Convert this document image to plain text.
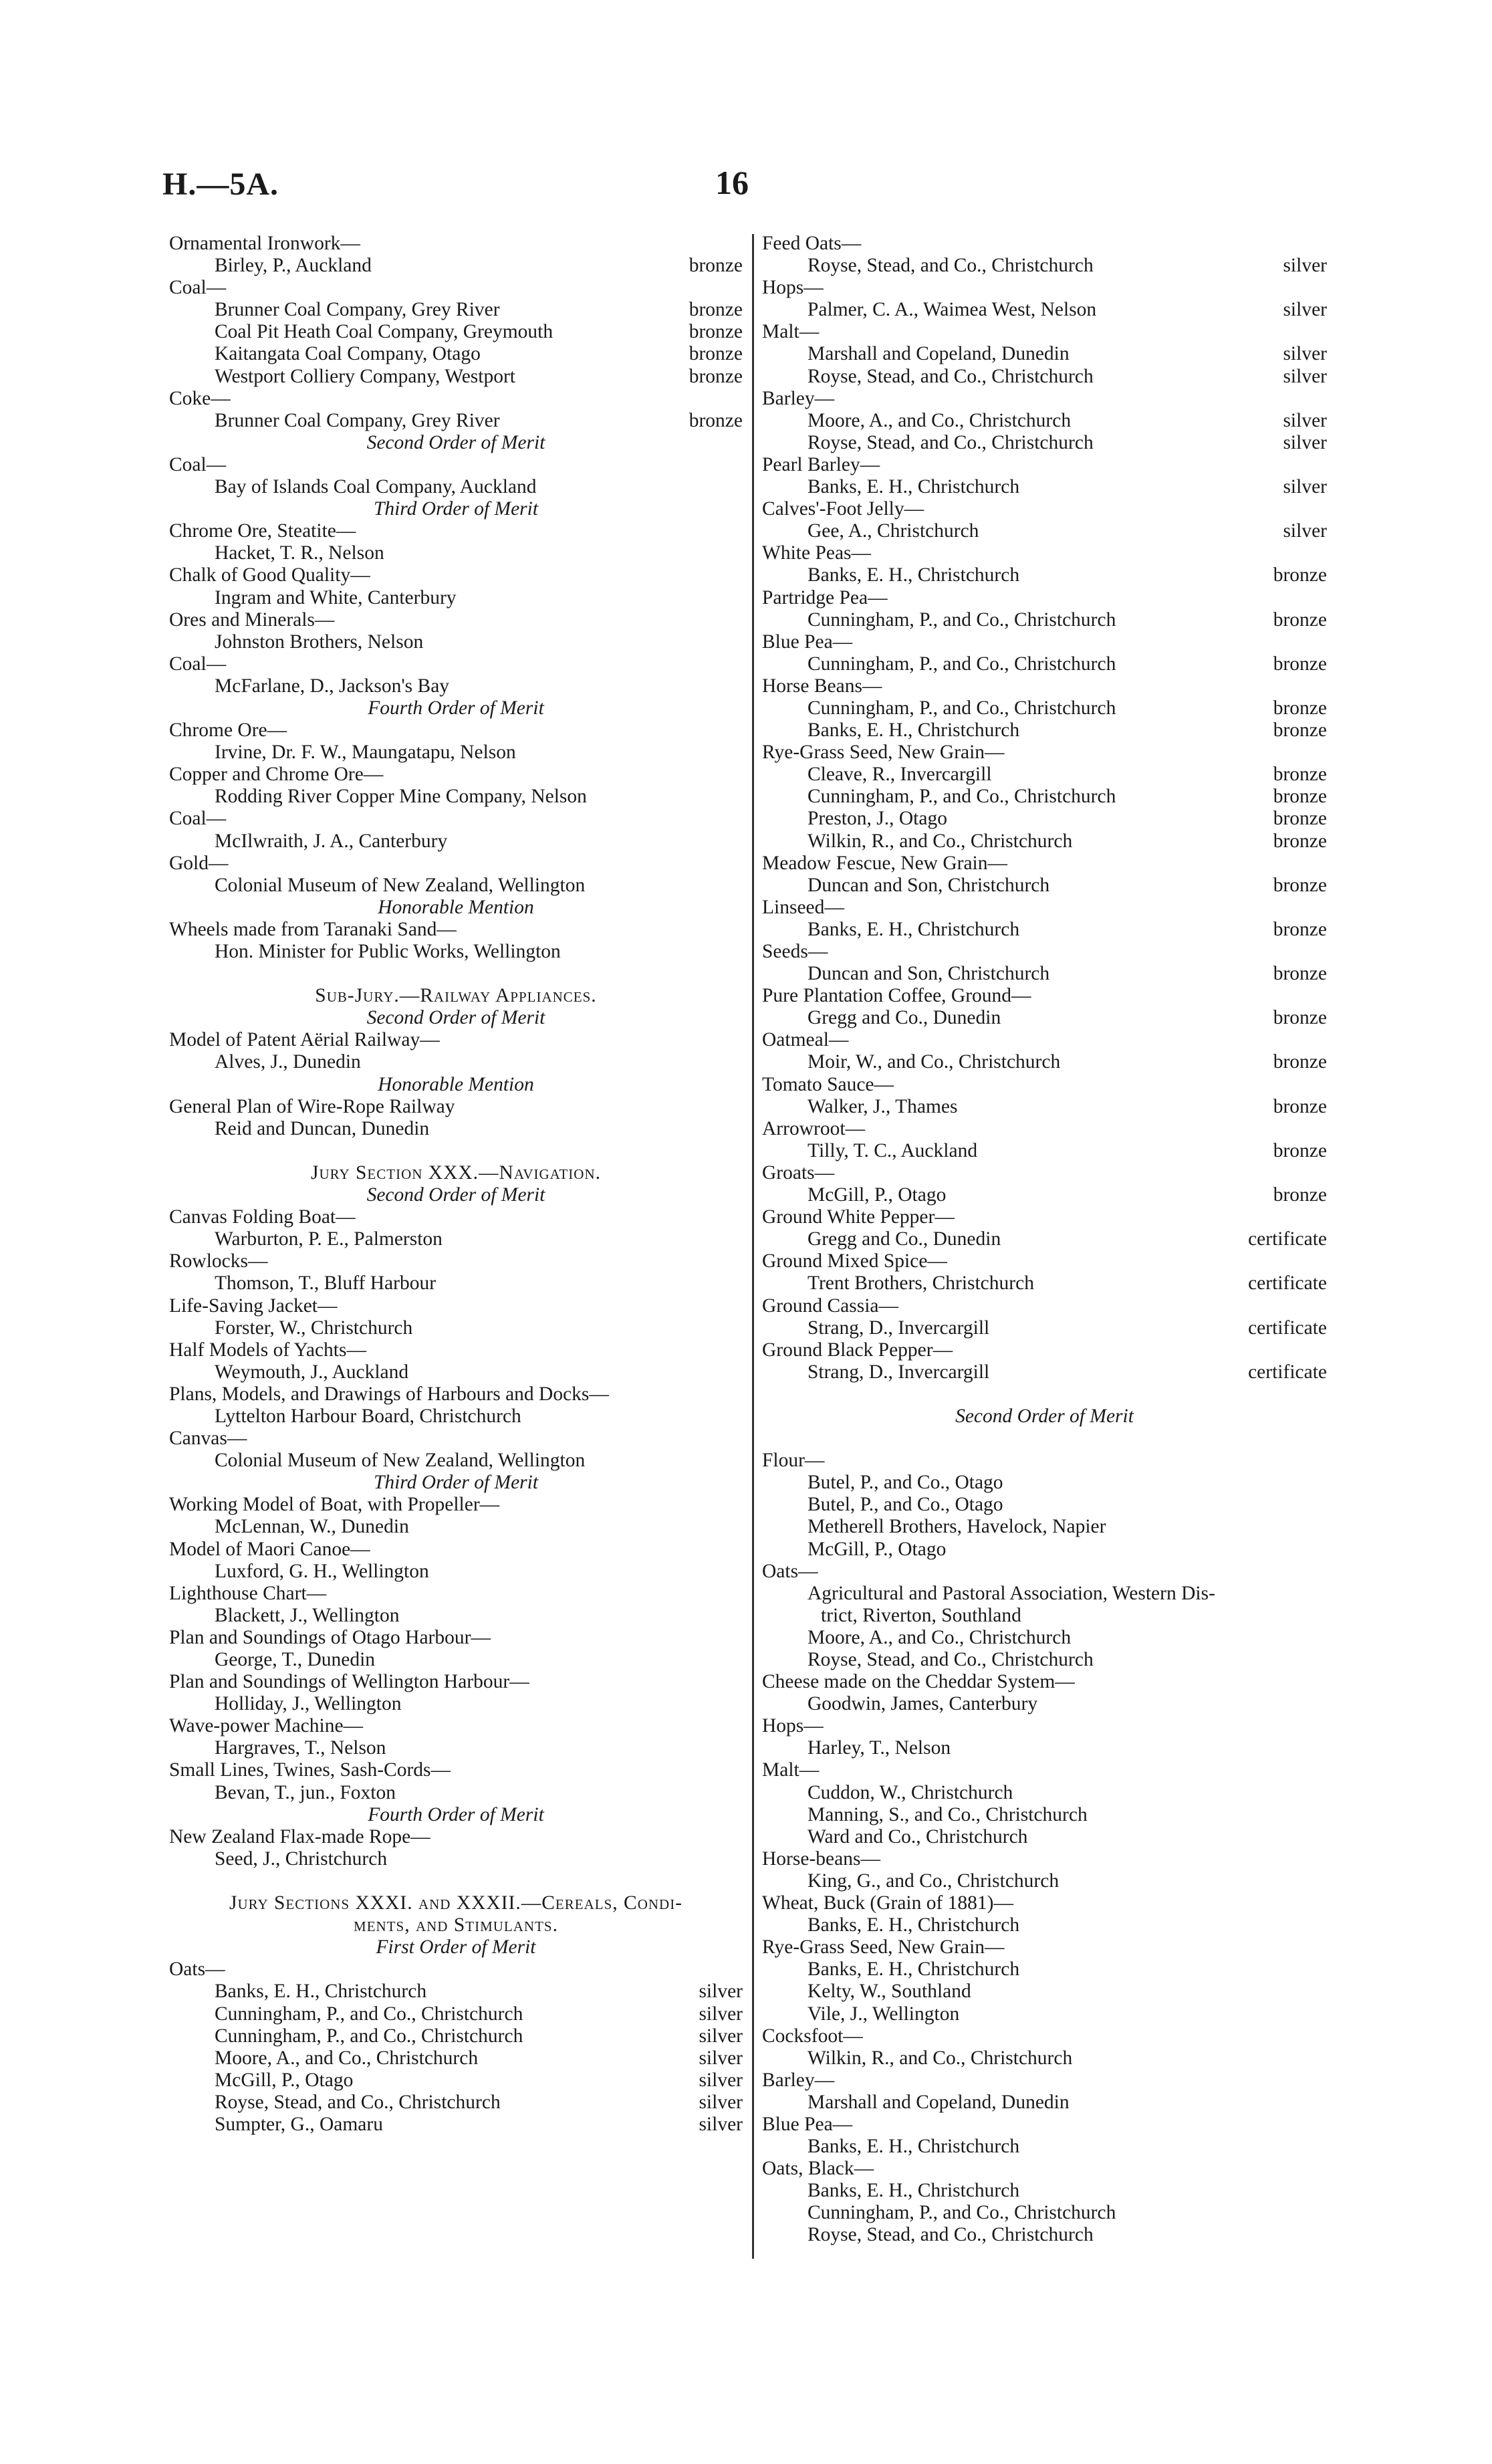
H.—5A.	16
Ornamental Ironwork—
Birley, P., Auckland	bronze
Coal—
Brunner Coal Company, Grey River	bronze
Coal Pit Heath Coal Company, Greymouth	bronze
Kaitangata Coal Company, Otago	bronze
Westport Colliery Company, Westport	bronze
Coke—
Brunner Coal Company, Grey River	bronze
Second Order of Merit
Coal—
Bay of Islands Coal Company, Auckland
Third Order of Merit
Chrome Ore, Steatite—
Hacket, T. R., Nelson
Chalk of Good Quality—
Ingram and White, Canterbury
Ores and Minerals—
Johnston Brothers, Nelson
Coal—
McFarlane, D., Jackson's Bay
Fourth Order of Merit
Chrome Ore—
Irvine, Dr. F. W., Maungatapu, Nelson
Copper and Chrome Ore—
Rodding River Copper Mine Company, Nelson
Coal—
McIlwraith, J. A., Canterbury
Gold—
Colonial Museum of New Zealand, Wellington
Honorable Mention
Wheels made from Taranaki Sand—
Hon. Minister for Public Works, Wellington
Sub-Jury.—Railway Appliances.
Second Order of Merit
Model of Patent Aërial Railway—
Alves, J., Dunedin
Honorable Mention
General Plan of Wire-Rope Railway
Reid and Duncan, Dunedin
Jury Section XXX.—Navigation.
Second Order of Merit
Canvas Folding Boat—
Warburton, P. E., Palmerston
Rowlocks—
Thomson, T., Bluff Harbour
Life-Saving Jacket—
Forster, W., Christchurch
Half Models of Yachts—
Weymouth, J., Auckland
Plans, Models, and Drawings of Harbours and Docks—
Lyttelton Harbour Board, Christchurch
Canvas—
Colonial Museum of New Zealand, Wellington
Third Order of Merit
Working Model of Boat, with Propeller—
McLennan, W., Dunedin
Model of Maori Canoe—
Luxford, G. H., Wellington
Lighthouse Chart—
Blackett, J., Wellington
Plan and Soundings of Otago Harbour—
George, T., Dunedin
Plan and Soundings of Wellington Harbour—
Holliday, J., Wellington
Wave-power Machine—
Hargraves, T., Nelson
Small Lines, Twines, Sash-Cords—
Bevan, T., jun., Foxton
Fourth Order of Merit
New Zealand Flax-made Rope—
Seed, J., Christchurch
Jury Sections XXXI. and XXXII.—Cereals, Condi-
ments, and Stimulants.
First Order of Merit
Oats—
Banks, E. H., Christchurch	silver
Cunningham, P., and Co., Christchurch	silver
Cunningham, P., and Co., Christchurch	silver
Moore, A., and Co., Christchurch	silver
McGill, P., Otago	silver
Royse, Stead, and Co., Christchurch	silver
Sumpter, G., Oamaru	silver
Feed Oats—
Royse, Stead, and Co., Christchurch	silver
Hops—
Palmer, C. A., Waimea West, Nelson	silver
Malt—
Marshall and Copeland, Dunedin	silver
Royse, Stead, and Co., Christchurch	silver
Barley—
Moore, A., and Co., Christchurch	silver
Royse, Stead, and Co., Christchurch	silver
Pearl Barley—
Banks, E. H., Christchurch	silver
Calves'-Foot Jelly—
Gee, A., Christchurch	silver
White Peas—
Banks, E. H., Christchurch	bronze
Partridge Pea—
Cunningham, P., and Co., Christchurch	bronze
Blue Pea—
Cunningham, P., and Co., Christchurch	bronze
Horse Beans—
Cunningham, P., and Co., Christchurch	bronze
Banks, E. H., Christchurch	bronze
Rye-Grass Seed, New Grain—
Cleave, R., Invercargill	bronze
Cunningham, P., and Co., Christchurch	bronze
Preston, J., Otago	bronze
Wilkin, R., and Co., Christchurch	bronze
Meadow Fescue, New Grain—
Duncan and Son, Christchurch	bronze
Linseed—
Banks, E. H., Christchurch	bronze
Seeds—
Duncan and Son, Christchurch	bronze
Pure Plantation Coffee, Ground—
Gregg and Co., Dunedin	bronze
Oatmeal—
Moir, W., and Co., Christchurch	bronze
Tomato Sauce—
Walker, J., Thames	bronze
Arrowroot—
Tilly, T. C., Auckland	bronze
Groats—
McGill, P., Otago	bronze
Ground White Pepper—
Gregg and Co., Dunedin	certificate
Ground Mixed Spice—
Trent Brothers, Christchurch	certificate
Ground Cassia—
Strang, D., Invercargill	certificate
Ground Black Pepper—
Strang, D., Invercargill	certificate
Second Order of Merit
Flour—
Butel, P., and Co., Otago
Butel, P., and Co., Otago
Metherell Brothers, Havelock, Napier
McGill, P., Otago
Oats—
Agricultural and Pastoral Association, Western Dis-
trict, Riverton, Southland
Moore, A., and Co., Christchurch
Royse, Stead, and Co., Christchurch
Cheese made on the Cheddar System—
Goodwin, James, Canterbury
Hops—
Harley, T., Nelson
Malt—
Cuddon, W., Christchurch
Manning, S., and Co., Christchurch
Ward and Co., Christchurch
Horse-beans—
King, G., and Co., Christchurch
Wheat, Buck (Grain of 1881)—
Banks, E. H., Christchurch
Rye-Grass Seed, New Grain—
Banks, E. H., Christchurch
Kelty, W., Southland
Vile, J., Wellington
Cocksfoot—
Wilkin, R., and Co., Christchurch
Barley—
Marshall and Copeland, Dunedin
Blue Pea—
Banks, E. H., Christchurch
Oats, Black—
Banks, E. H., Christchurch
Cunningham, P., and Co., Christchurch
Royse, Stead, and Co., Christchurch
